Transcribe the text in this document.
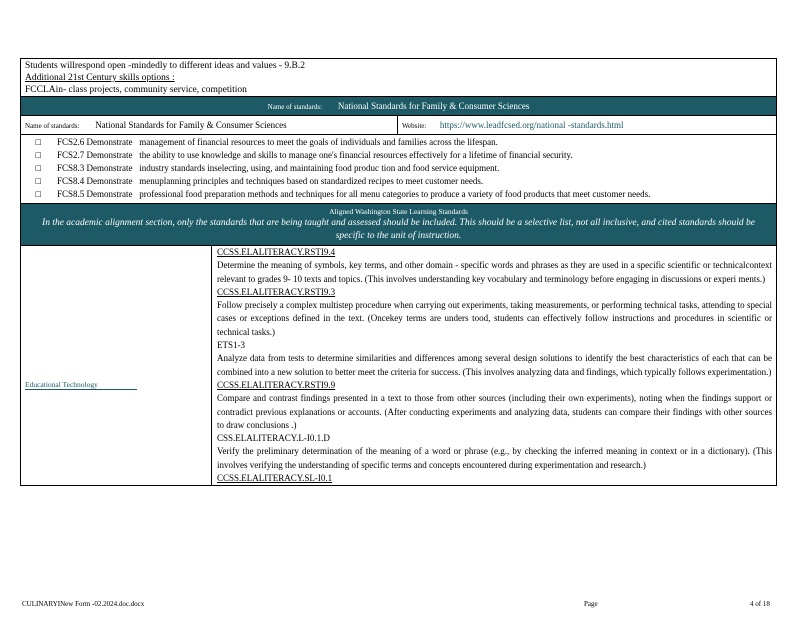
Students willrespond open -mindedly to different ideas and values - 9.B.2
Additional 21st Century skills options :
FCCLAin- class projects, community service, competition
Name of standards: National Standards for Family & Consumer Sciences
Name of standards: National Standards for Family & Consumer Sciences	Website: https://www.leadfcsed.org/national -standards.html
□	FCS2.6 Demonstrate management of financial resources to meet the goals of individuals and families across the lifespan.
□	FCS2.7 Demonstrate the ability to use knowledge and skills to manage one's financial resources effectively for a lifetime of financial security.
□	FCS8.3 Demonstrate industry standards inselecting, using, and maintaining food produc tion and food service equipment.
□	FCS8.4 Demonstrate menuplanning principles and techniques based on standardized recipes to meet customer needs.
□	FCS8.5 Demonstrate professional food preparation methods and techniques for all menu categories to produce a variety of food products that meet customer needs.
Aligned Washington State Learning Standards
In the academic alignment section, only the standards that are being taught and assessed should be included. This should be a selective list, not all inclusive, and cited standards should be specific to the unit of instruction.
Educational Technology
CCSS.ELALITERACY.RSTI9.4
Determine the meaning of symbols, key terms, and other domain - specific words and phrases as they are used in a specific scientific or technicalcontext relevant to grades 9- 10 texts and topics. (This involves understanding key vocabulary and terminology before engaging in discussions or experi ments.)
CCSS.ELALITERACY.RSTI9.3
Follow precisely a complex multistep procedure when carrying out experiments, taking measurements, or performing technical tasks, attending to special cases or exceptions defined in the text. (Oncekey terms are unders tood, students can effectively follow instructions and procedures in scientific or technical tasks.)
ETS1-3
Analyze data from tests to determine similarities and differences among several design solutions to identify the best characteristics of each that can be combined into a new solution to better meet the criteria for success. (This involves analyzing data and findings, which typically follows experimentation.)
CCSS.ELALITERACY.RSTI9.9
Compare and contrast findings presented in a text to those from other sources (including their own experiments), noting when the findings support or contradict previous explanations or accounts. (After conducting experiments and analyzing data, students can compare their findings with other sources to draw conclusions .)
CSS.ELALITERACY.L-I0.1.D
Verify the preliminary determination of the meaning of a word or phrase (e.g., by checking the inferred meaning in context or in a dictionary). (This involves verifying the understanding of specific terms and concepts encountered during experimentation and research.)
CCSS.ELALITERACY.SL-I0.1
CULINARYINew Form -02.2024.doc.docx	Page	4 of 18
